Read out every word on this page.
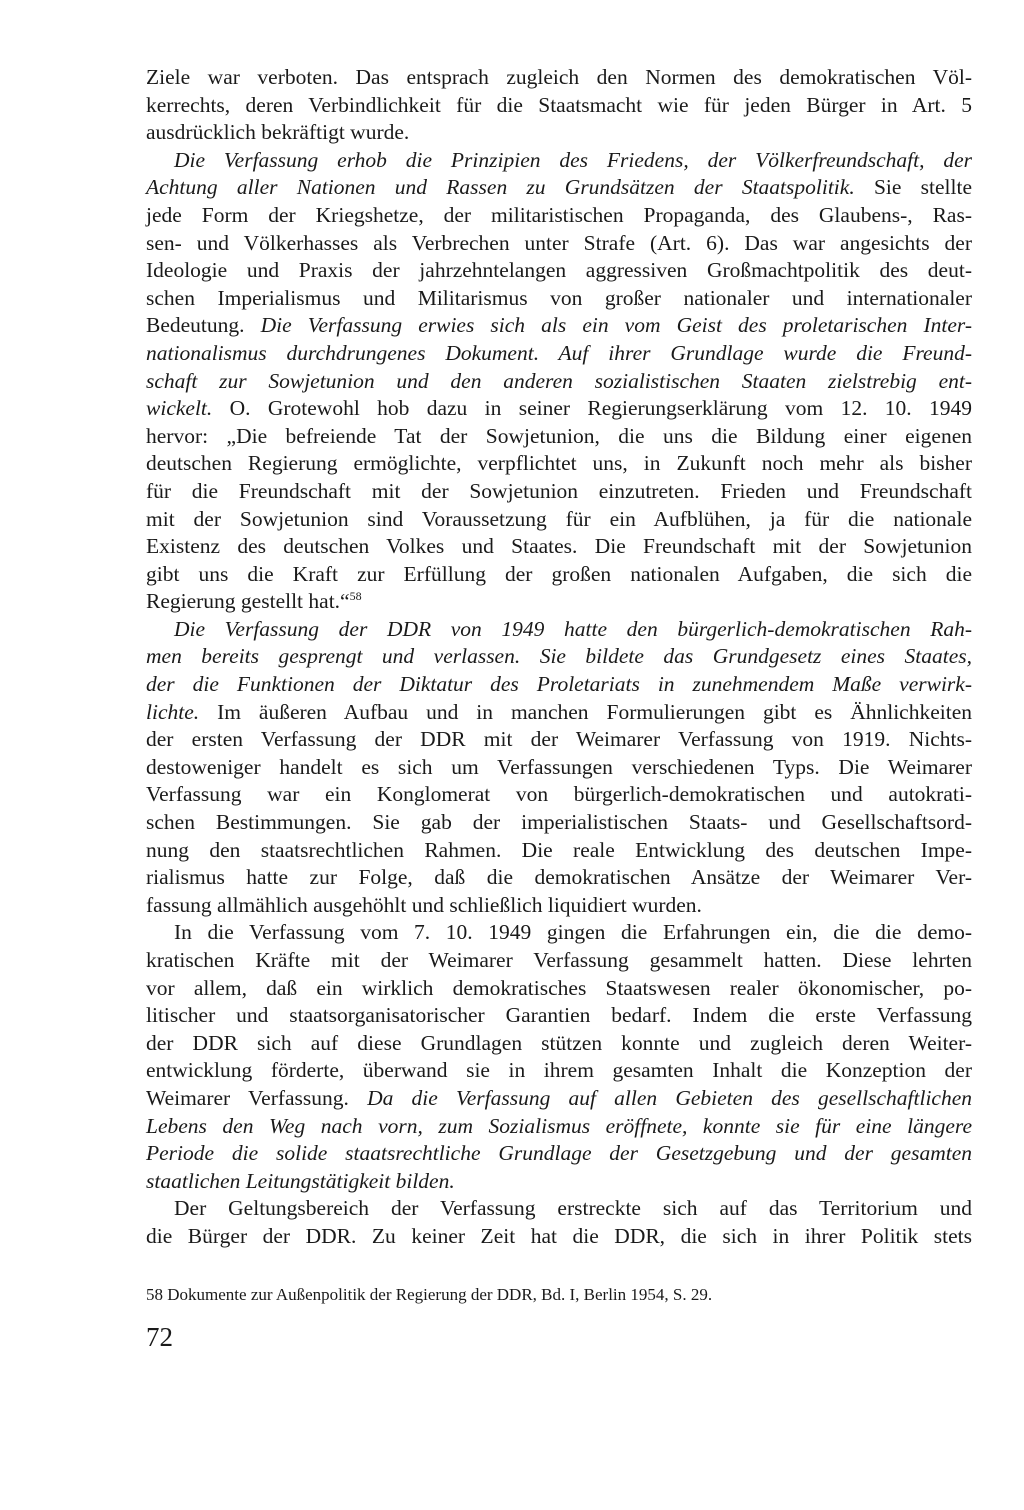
Ziele war verboten. Das entsprach zugleich den Normen des demokratischen Völ-
kerrechts, deren Verbindlichkeit für die Staatsmacht wie für jeden Bürger in Art. 5
ausdrücklich bekräftigt wurde.
Die Verfassung erhob die Prinzipien des Friedens, der Völkerfreundschaft, der
Achtung aller Nationen und Rassen zu Grundsätzen der Staatspolitik. Sie stellte
jede Form der Kriegshetze, der militaristischen Propaganda, des Glaubens-, Ras-
sen- und Völkerhasses als Verbrechen unter Strafe (Art. 6). Das war angesichts der
Ideologie und Praxis der jahrzehntelangen aggressiven Großmachtpolitik des deut-
schen Imperialismus und Militarismus von großer nationaler und internationaler
Bedeutung. Die Verfassung erwies sich als ein vom Geist des proletarischen Inter-
nationalismus durchdrungenes Dokument. Auf ihrer Grundlage wurde die Freund-
schaft zur Sowjetunion und den anderen sozialistischen Staaten zielstrebig ent-
wickelt. O. Grotewohl hob dazu in seiner Regierungserklärung vom 12. 10. 1949
hervor: „Die befreiende Tat der Sowjetunion, die uns die Bildung einer eigenen
deutschen Regierung ermöglichte, verpflichtet uns, in Zukunft noch mehr als bisher
für die Freundschaft mit der Sowjetunion einzutreten. Frieden und Freundschaft
mit der Sowjetunion sind Voraussetzung für ein Aufblühen, ja für die nationale
Existenz des deutschen Volkes und Staates. Die Freundschaft mit der Sowjetunion
gibt uns die Kraft zur Erfüllung der großen nationalen Aufgaben, die sich die
Regierung gestellt hat.“$^{58}$
Die Verfassung der DDR von 1949 hatte den bürgerlich-demokratischen Rah-
men bereits gesprengt und verlassen. Sie bildete das Grundgesetz eines Staates,
der die Funktionen der Diktatur des Proletariats in zunehmendem Maße verwirk-
lichte. Im äußeren Aufbau und in manchen Formulierungen gibt es Ähnlichkeiten
der ersten Verfassung der DDR mit der Weimarer Verfassung von 1919. Nichts-
destoweniger handelt es sich um Verfassungen verschiedenen Typs. Die Weimarer
Verfassung war ein Konglomerat von bürgerlich-demokratischen und autokrati-
schen Bestimmungen. Sie gab der imperialistischen Staats- und Gesellschaftsord-
nung den staatsrechtlichen Rahmen. Die reale Entwicklung des deutschen Impe-
rialismus hatte zur Folge, daß die demokratischen Ansätze der Weimarer Ver-
fassung allmählich ausgehöhlt und schließlich liquidiert wurden.
In die Verfassung vom 7. 10. 1949 gingen die Erfahrungen ein, die die demo-
kratischen Kräfte mit der Weimarer Verfassung gesammelt hatten. Diese lehrten
vor allem, daß ein wirklich demokratisches Staatswesen realer ökonomischer, po-
litischer und staatsorganisatorischer Garantien bedarf. Indem die erste Verfassung
der DDR sich auf diese Grundlagen stützen konnte und zugleich deren Weiter-
entwicklung förderte, überwand sie in ihrem gesamten Inhalt die Konzeption der
Weimarer Verfassung. Da die Verfassung auf allen Gebieten des gesellschaftlichen
Lebens den Weg nach vorn, zum Sozialismus eröffnete, konnte sie für eine längere
Periode die solide staatsrechtliche Grundlage der Gesetzgebung und der gesamten
staatlichen Leitungstätigkeit bilden.
Der Geltungsbereich der Verfassung erstreckte sich auf das Territorium und
die Bürger der DDR. Zu keiner Zeit hat die DDR, die sich in ihrer Politik stets
58 Dokumente zur Außenpolitik der Regierung der DDR, Bd. I, Berlin 1954, S. 29.
72
